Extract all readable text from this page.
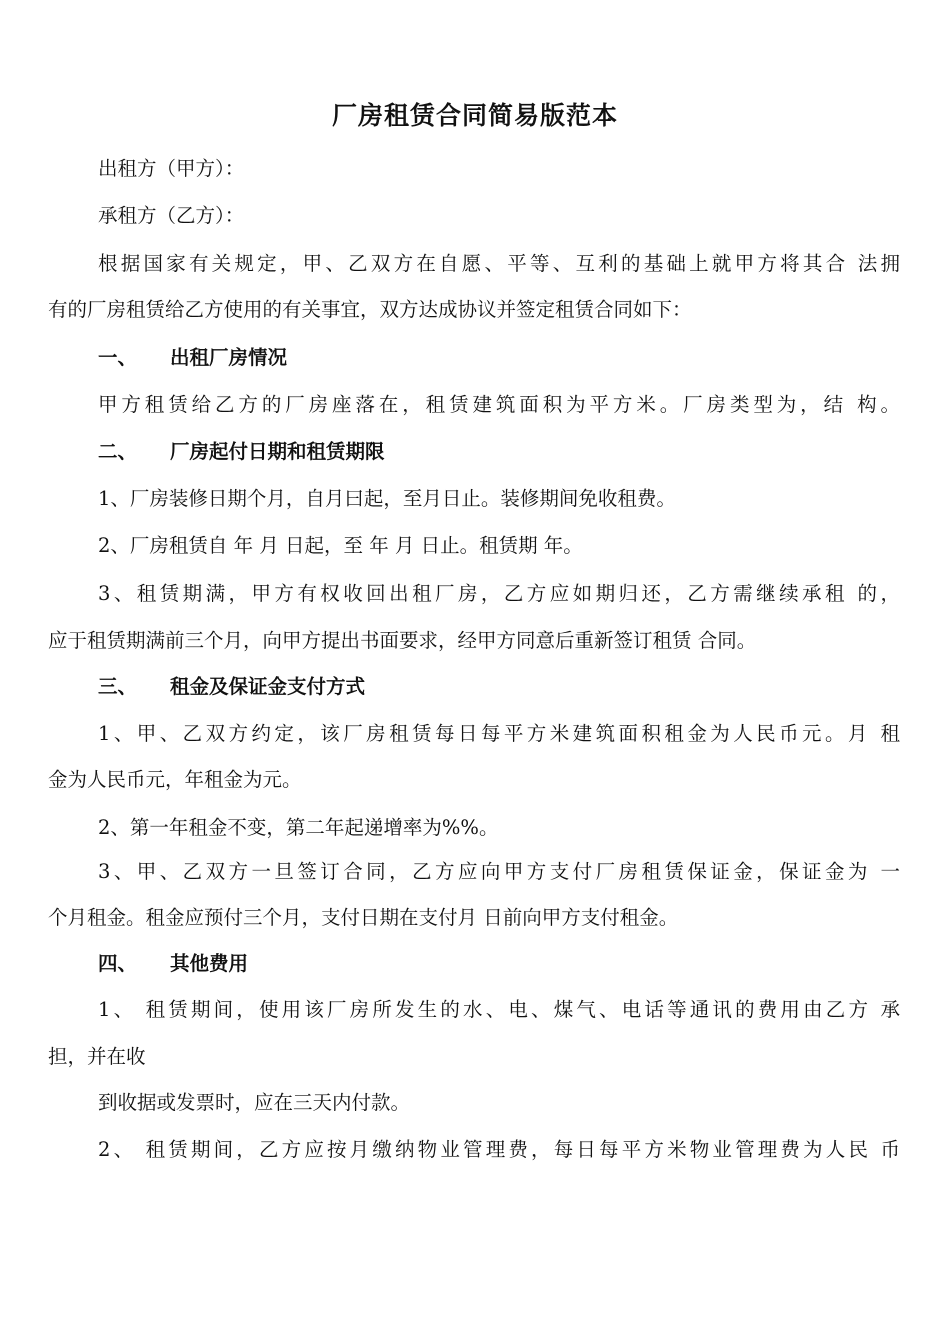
厂房租赁合同简易版范本

出租方（甲方）：

承租方（乙方）：

根据国家有关规定，甲、乙双方在自愿、平等、互利的基础上就甲方将其合 法拥

有的厂房租赁给乙方使用的有关事宜，双方达成协议并签定租赁合同如下：

一、 出租厂房情况

甲方租赁给乙方的厂房座落在，租赁建筑面积为平方米。厂房类型为，结 构。

二、 厂房起付日期和租赁期限

1、厂房装修日期个月，自月曰起，至月日止。装修期间免收租费。

2、厂房租赁自 年 月 日起，至 年 月 日止。租赁期 年。

3、租赁期满，甲方有权收回出租厂房，乙方应如期归还，乙方需继续承租 的，

应于租赁期满前三个月，向甲方提出书面要求，经甲方同意后重新签订租赁 合同。

三、 租金及保证金支付方式

1、甲、乙双方约定，该厂房租赁每日每平方米建筑面积租金为人民币元。月 租

金为人民币元，年租金为元。

2、第一年租金不变，第二年起递增率为%%。

3、甲、乙双方一旦签订合同，乙方应向甲方支付厂房租赁保证金，保证金为 一

个月租金。租金应预付三个月，支付日期在支付月 日前向甲方支付租金。

四、 其他费用

1、 租赁期间，使用该厂房所发生的水、电、煤气、电话等通讯的费用由乙方 承

担，并在收

到收据或发票时，应在三天内付款。

2、 租赁期间，乙方应按月缴纳物业管理费，每日每平方米物业管理费为人民 币
